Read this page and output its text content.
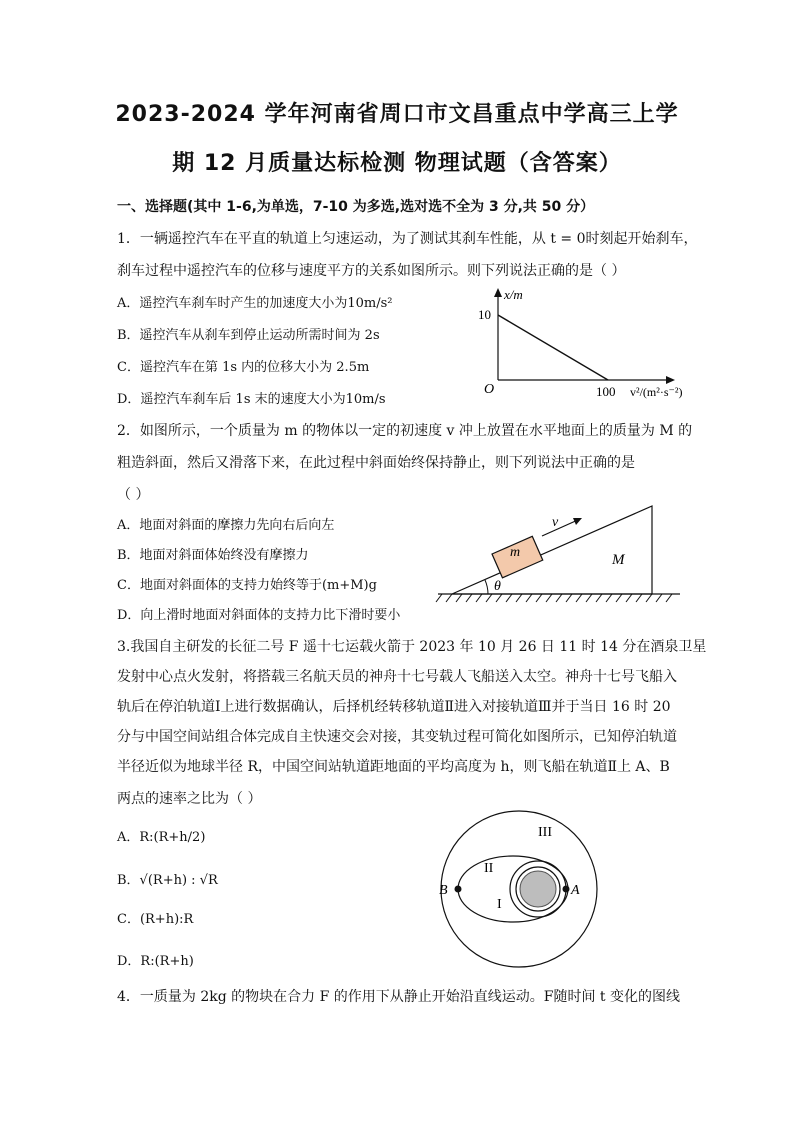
2023-2024 学年河南省周口市文昌重点中学高三上学
期 12 月质量达标检测 物理试题（含答案）
一、选择题(其中 1-6,为单选，7-10 为多选,选对选不全为 3 分,共 50 分）
1．一辆遥控汽车在平直的轨道上匀速运动，为了测试其刹车性能，从 t = 0时刻起开始刹车，
刹车过程中遥控汽车的位移与速度平方的关系如图所示。则下列说法正确的是（ ）
A．遥控汽车刹车时产生的加速度大小为10m/s²
B．遥控汽车从刹车到停止运动所需时间为 2s
C．遥控汽车在第 1s 内的位移大小为 2.5m
D．遥控汽车刹车后 1s 末的速度大小为10m/s
x/m
10
O	100 v²/(m²·s⁻²)
2．如图所示，一个质量为 m 的物体以一定的初速度 v 冲上放置在水平地面上的质量为 M 的
粗造斜面，然后又滑落下来，在此过程中斜面始终保持静止，则下列说法中正确的是
（ ）
A．地面对斜面的摩擦力先向右后向左
B．地面对斜面体始终没有摩擦力
C．地面对斜面体的支持力始终等于(m+M)g
D．向上滑时地面对斜面体的支持力比下滑时要小
θ
m
v
M
3.我国自主研发的长征二号 F 遥十七运载火箭于 2023 年 10 月 26 日 11 时 14 分在酒泉卫星
发射中心点火发射，将搭载三名航天员的神舟十七号载人飞船送入太空。神舟十七号飞船入
轨后在停泊轨道Ⅰ上进行数据确认，后择机经转移轨道Ⅱ进入对接轨道Ⅲ并于当日 16 时 20
分与中国空间站组合体完成自主快速交会对接，其变轨过程可简化如图所示，已知停泊轨道
半径近似为地球半径 R，中国空间站轨道距地面的平均高度为 h，则飞船在轨道Ⅱ上 A、B
两点的速率之比为（ ）
A．R:(R+h/2)
B．√(R+h) : √R
C．(R+h):R
D．R:(R+h)
A
B
I
II
III
4．一质量为 2kg 的物块在合力 F 的作用下从静止开始沿直线运动。F随时间 t 变化的图线
